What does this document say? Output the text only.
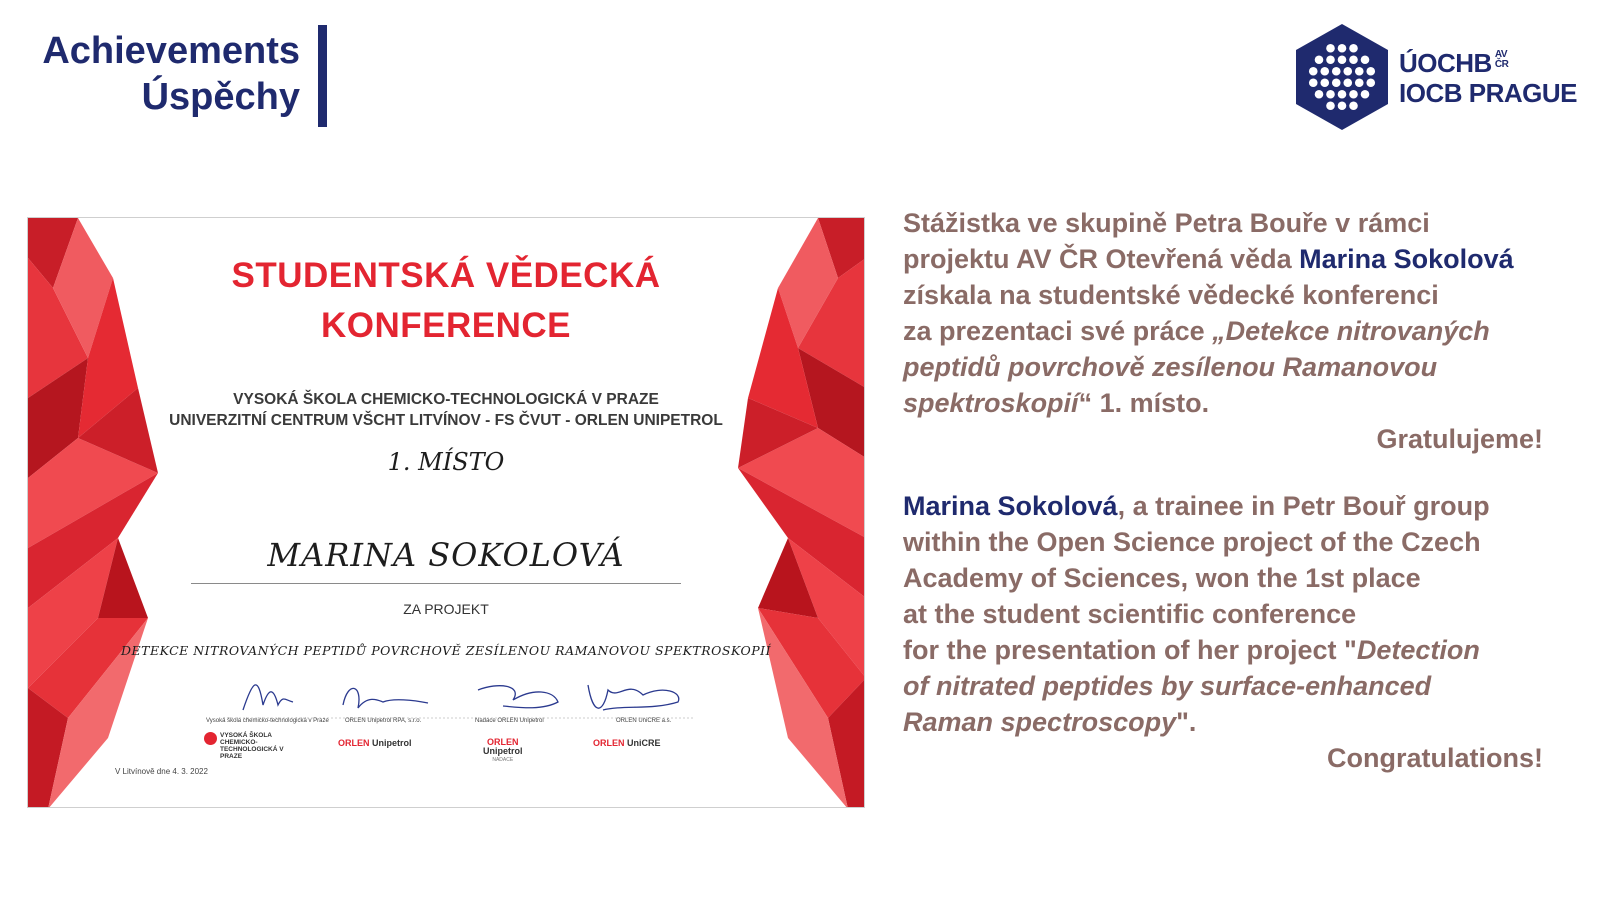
Achievements
Úspěchy
ÚOCHB AV
ČR
IOCB PRAGUE
STUDENTSKÁ VĚDECKÁ
KONFERENCE
VYSOKÁ ŠKOLA CHEMICKO-TECHNOLOGICKÁ V PRAZE
UNIVERZITNÍ CENTRUM VŠCHT LITVÍNOV - FS ČVUT - ORLEN UNIPETROL
1. MÍSTO
MARINA SOKOLOVÁ
ZA PROJEKT
DETEKCE NITROVANÝCH PEPTIDŮ POVRCHOVĚ ZESÍLENOU RAMANOVOU SPEKTROSKOPIÍ
Vysoká škola chemicko-technologická v Praze	ORLEN Unipetrol RPA, s.r.o.	Nadace ORLEN Unipetrol	ORLEN UniCRE a.s.
VYSOKÁ ŠKOLA CHEMICKO-TECHNOLOGICKÁ V PRAZE
ORLEN Unipetrol	ORLEN
Unipetrol
NADACE
ORLEN UniCRE
V Litvínově dne 4. 3. 2022
Stážistka ve skupině Petra Bouře v rámci
projektu AV ČR Otevřená věda Marina Sokolová
získala na studentské vědecké konferenci
za prezentaci své práce „Detekce nitrovaných
peptidů povrchově zesílenou Ramanovou
spektroskopií“ 1. místo.
Gratulujeme!
Marina Sokolová, a trainee in Petr Bouř group
within the Open Science project of the Czech
Academy of Sciences, won the 1st place
at the student scientific conference
for the presentation of her project "Detection
of nitrated peptides by surface-enhanced
Raman spectroscopy".
Congratulations!
